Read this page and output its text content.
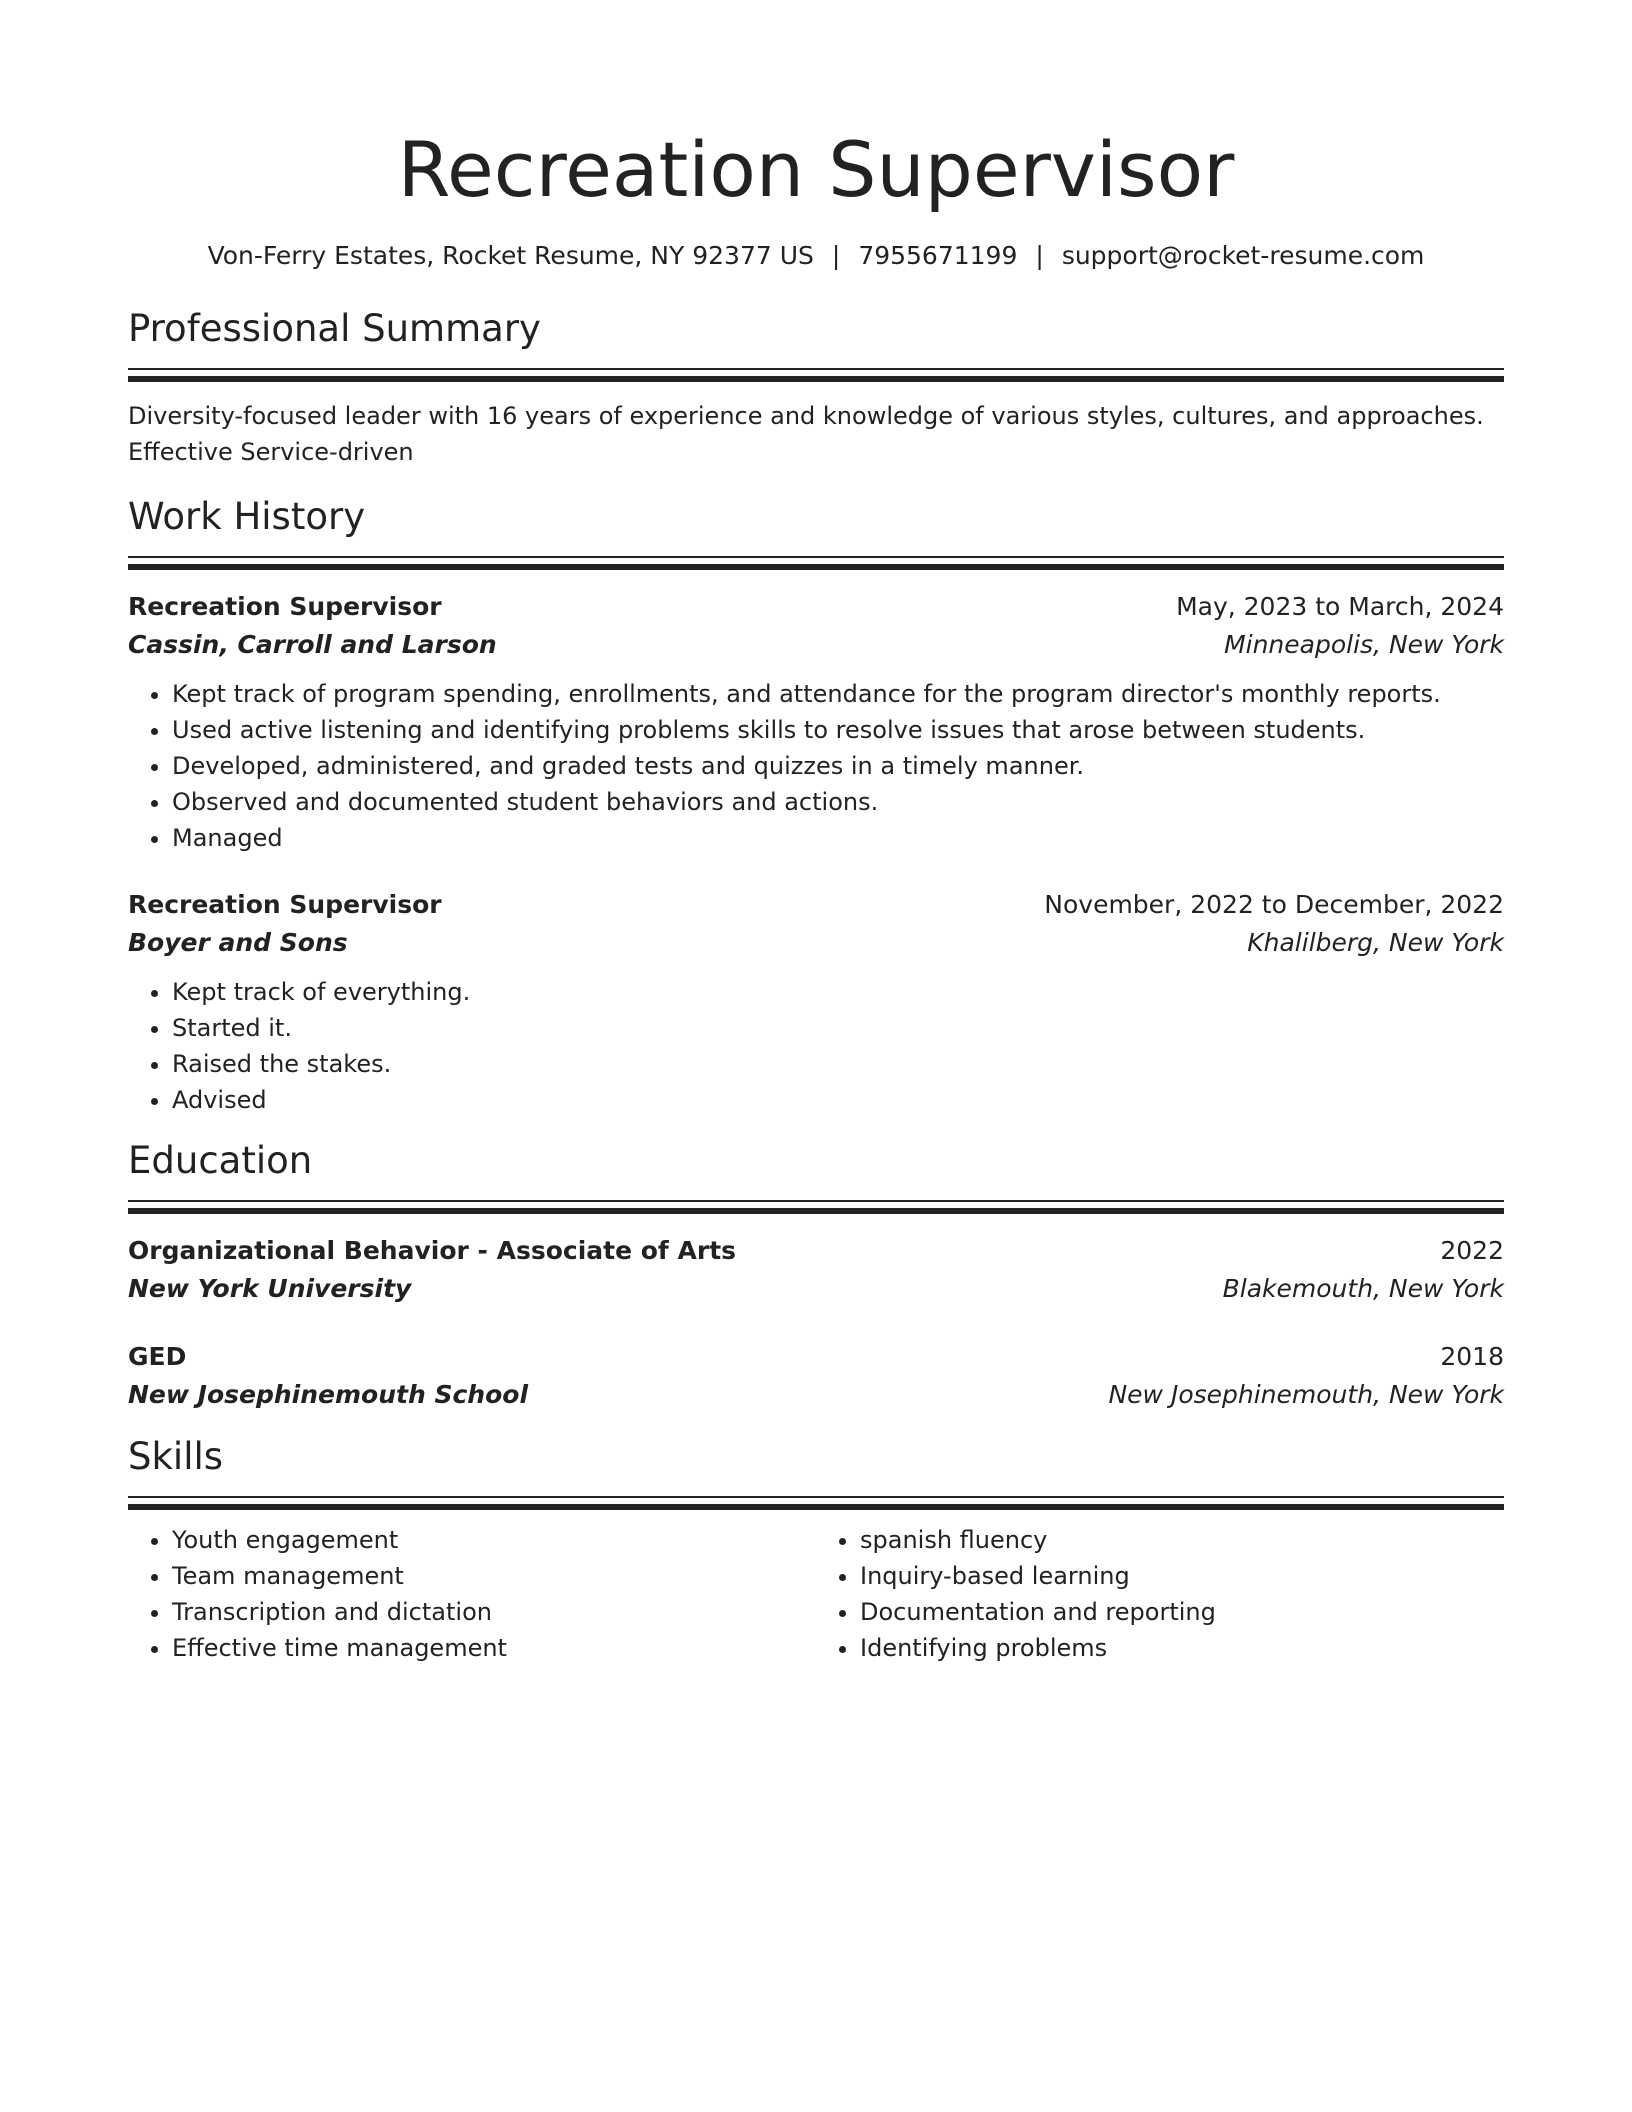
Recreation Supervisor
Von-Ferry Estates, Rocket Resume, NY 92377 US | 7955671199 | support@rocket-resume.com
Professional Summary
Diversity-focused leader with 16 years of experience and knowledge of various styles, cultures, and approaches.
Effective Service-driven
Work History
Recreation Supervisor	May, 2023 to March, 2024
Cassin, Carroll and Larson	Minneapolis, New York
• Kept track of program spending, enrollments, and attendance for the program director's monthly reports.
• Used active listening and identifying problems skills to resolve issues that arose between students.
• Developed, administered, and graded tests and quizzes in a timely manner.
• Observed and documented student behaviors and actions.
• Managed
Recreation Supervisor	November, 2022 to December, 2022
Boyer and Sons	Khalilberg, New York
• Kept track of everything.
• Started it.
• Raised the stakes.
• Advised
Education
Organizational Behavior - Associate of Arts	2022
New York University	Blakemouth, New York
GED	2018
New Josephinemouth School	New Josephinemouth, New York
Skills
• Youth engagement
• Team management
• Transcription and dictation
• Effective time management
• spanish fluency
• Inquiry-based learning
• Documentation and reporting
• Identifying problems
